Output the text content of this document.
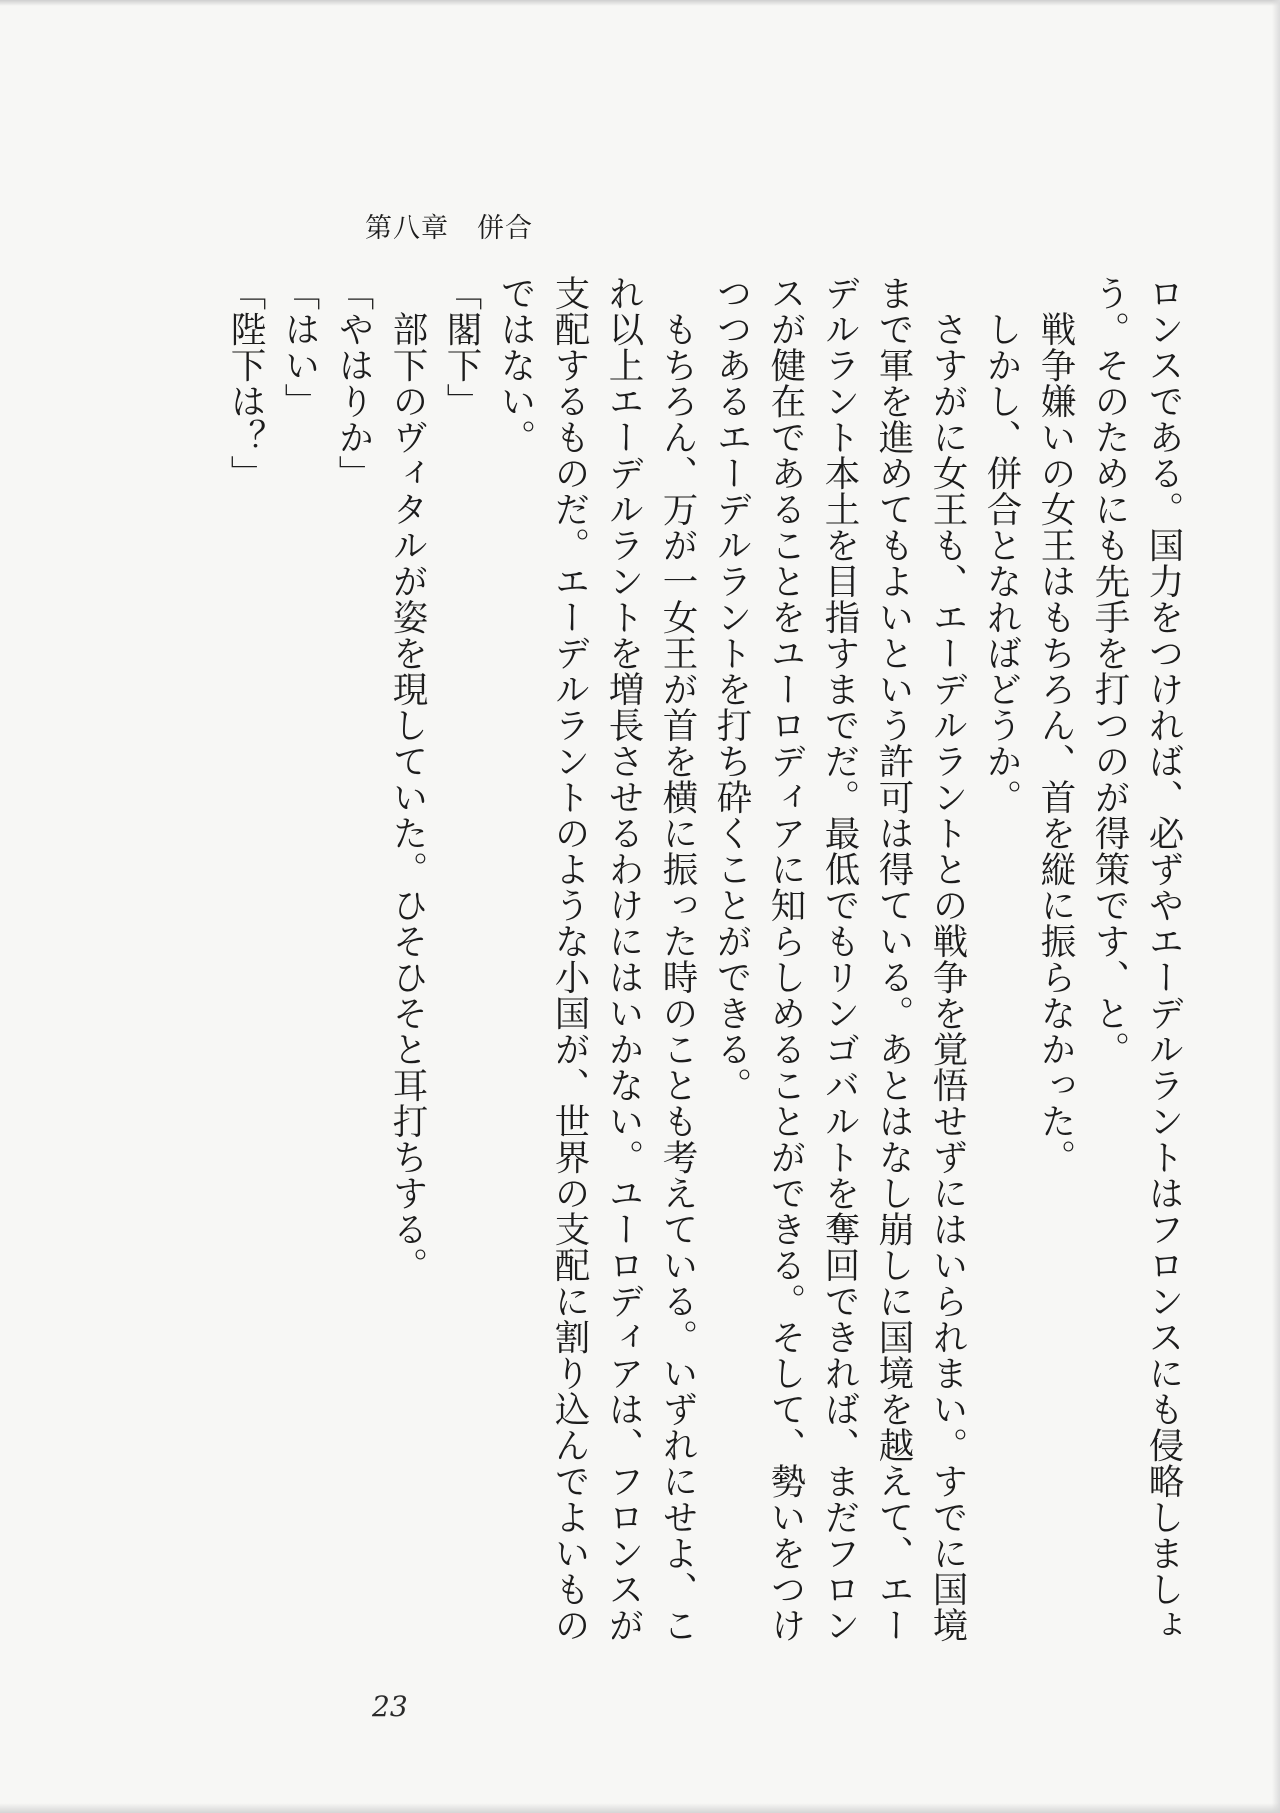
第八章　併合

ロンスである。国力をつければ、必ずやエーデルラントはフロンスにも侵略しましょう。そのためにも先手を打つのが得策です、と。

　戦争嫌いの女王はもちろん、首を縦に振らなかった。

　しかし、併合となればどうか。

　さすがに女王も、エーデルラントとの戦争を覚悟せずにはいられまい。すでに国境まで軍を進めてもよいという許可は得ている。あとはなし崩しに国境を越えて、エーデルラント本土を目指すまでだ。最低でもリンゴバルトを奪回できれば、まだフロンスが健在であることをユーロディアに知らしめることができる。そして、勢いをつけつつあるエーデルラントを打ち砕くことができる。

　もちろん、万が一女王が首を横に振った時のことも考えている。いずれにせよ、これ以上エーデルラントを増長させるわけにはいかない。ユーロディアは、フロンスが支配するものだ。エーデルラントのような小国が、世界の支配に割り込んでよいものではない。

「閣下」

　部下のヴィタルが姿を現していた。ひそひそと耳打ちする。

「やはりか」

「はい」

「陛下は？」

23
